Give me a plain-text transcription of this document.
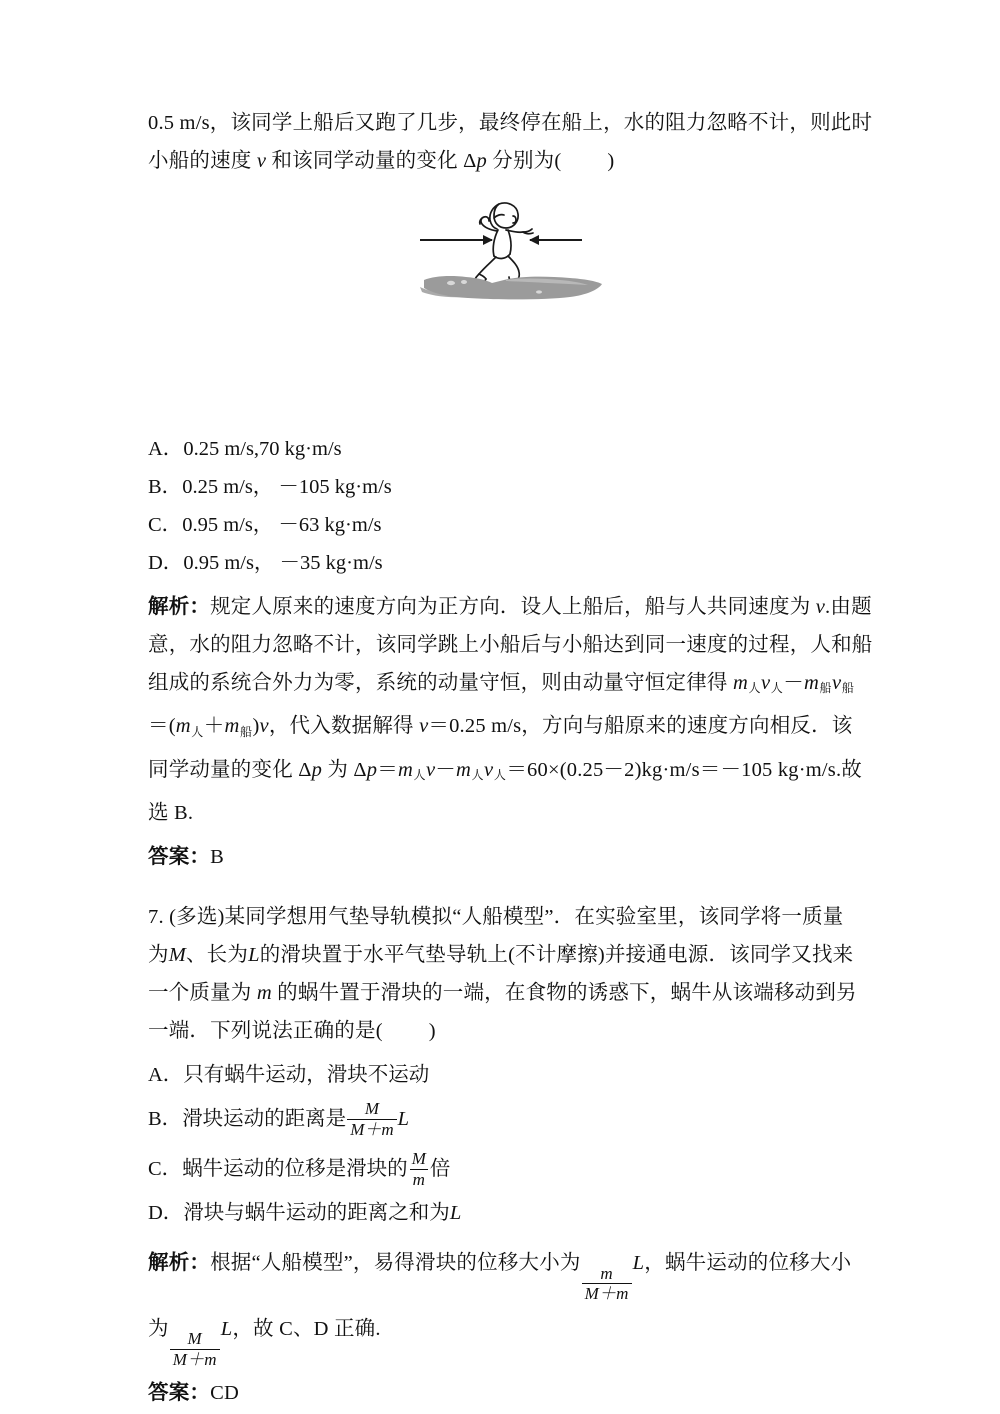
0.5 m/s，该同学上船后又跑了几步，最终停在船上，水的阻力忽略不计，则此时
小船的速度 v 和该同学动量的变化 Δp 分别为( )
A． 0.25 m/s,70 kg·m/s
B． 0.25 m/s， －105 kg·m/s
C． 0.95 m/s， －63 kg·m/s
D． 0.95 m/s， －35 kg·m/s
解析：规定人原来的速度方向为正方向．设人上船后，船与人共同速度为 v.由题
意，水的阻力忽略不计，该同学跳上小船后与小船达到同一速度的过程，人和船
组成的系统合外力为零，系统的动量守恒，则由动量守恒定律得 $m_人v_人-m_船v_船$
$=(m_人+m_船)v$，代入数据解得 v＝0.25 m/s，方向与船原来的速度方向相反．该
同学动量的变化 Δp 为 $\Delta p=m_人v-m_人v_人=60\times(0.25-2)kg\cdot m/s=-105$ kg·m/s.故
选 B.
答案：B
7. (多选)某同学想用气垫导轨模拟“人船模型”．在实验室里，该同学将一质量
为M、长为L的滑块置于水平气垫导轨上(不计摩擦)并接通电源．该同学又找来
一个质量为 m 的蜗牛置于滑块的一端，在食物的诱惑下，蜗牛从该端移动到另
一端．下列说法正确的是( )
A． 只有蜗牛运动，滑块不运动
B． 滑块运动的距离是 $\frac{M}{M+m}$ L
C． 蜗牛运动的位移是滑块的 $\frac{M}{m}$ 倍
D． 滑块与蜗牛运动的距离之和为 L
解析：根据“人船模型”，易得滑块的位移大小为
$\frac{m}{M+m}$
L，蜗牛运动的位移大小
为
$\frac{M}{M+m}$
L，故 C、D 正确.
答案：CD
